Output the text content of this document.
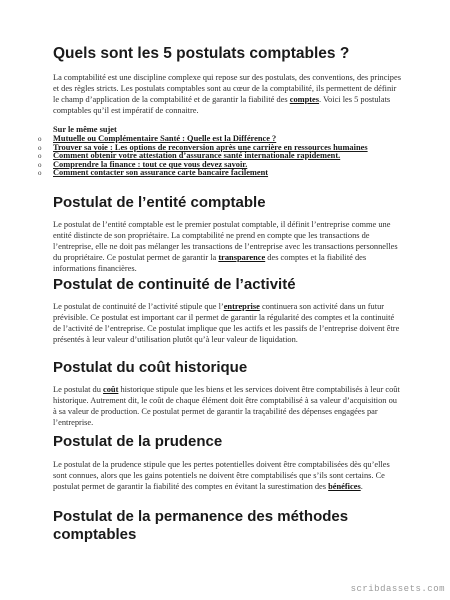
Quels sont les 5 postulats comptables ?

La comptabilité est une discipline complexe qui repose sur des postulats, des conventions, des principes et des règles stricts. Les postulats comptables sont au cœur de la comptabilité, ils permettent de définir le champ d’application de la comptabilité et de garantir la fiabilité des comptes. Voici les 5 postulats comptables qu’il est impératif de connaitre.

Sur le même sujet

o Mutuelle ou Complémentaire Santé : Quelle est la Différence ?
o Trouver sa voie : Les options de reconversion après une carrière en ressources humaines
o Comment obtenir votre attestation d’assurance santé internationale rapidement.
o Comprendre la finance : tout ce que vous devez savoir.
o Comment contacter son assurance carte bancaire facilement
Postulat de l’entité comptable

Le postulat de l’entité comptable est le premier postulat comptable, il définit l’entreprise comme une entité distincte de son propriétaire. La comptabilité ne prend en compte que les transactions de l’entreprise, elle ne doit pas mélanger les transactions de l’entreprise avec les transactions personnelles du propriétaire. Ce postulat permet de garantir la transparence des comptes et la fiabilité des informations financières.

Postulat de continuité de l’activité

Le postulat de continuité de l’activité stipule que l’entreprise continuera son activité dans un futur prévisible. Ce postulat est important car il permet de garantir la régularité des comptes et la continuité de l’activité de l’entreprise. Ce postulat implique que les actifs et les passifs de l’entreprise doivent être présentés à leur valeur d’utilisation plutôt qu’à leur valeur de liquidation.

Postulat du coût historique

Le postulat du coût historique stipule que les biens et les services doivent être comptabilisés à leur coût historique. Autrement dit, le coût de chaque élément doit être comptabilisé à sa valeur d’acquisition ou à sa valeur de production. Ce postulat permet de garantir la traçabilité des dépenses engagées par l’entreprise.

Postulat de la prudence

Le postulat de la prudence stipule que les pertes potentielles doivent être comptabilisées dès qu’elles sont connues, alors que les gains potentiels ne doivent être comptabilisés que s’ils sont certains. Ce postulat permet de garantir la fiabilité des comptes en évitant la surestimation des bénéfices.

Postulat de la permanence des méthodes comptables
scribdassets.com
